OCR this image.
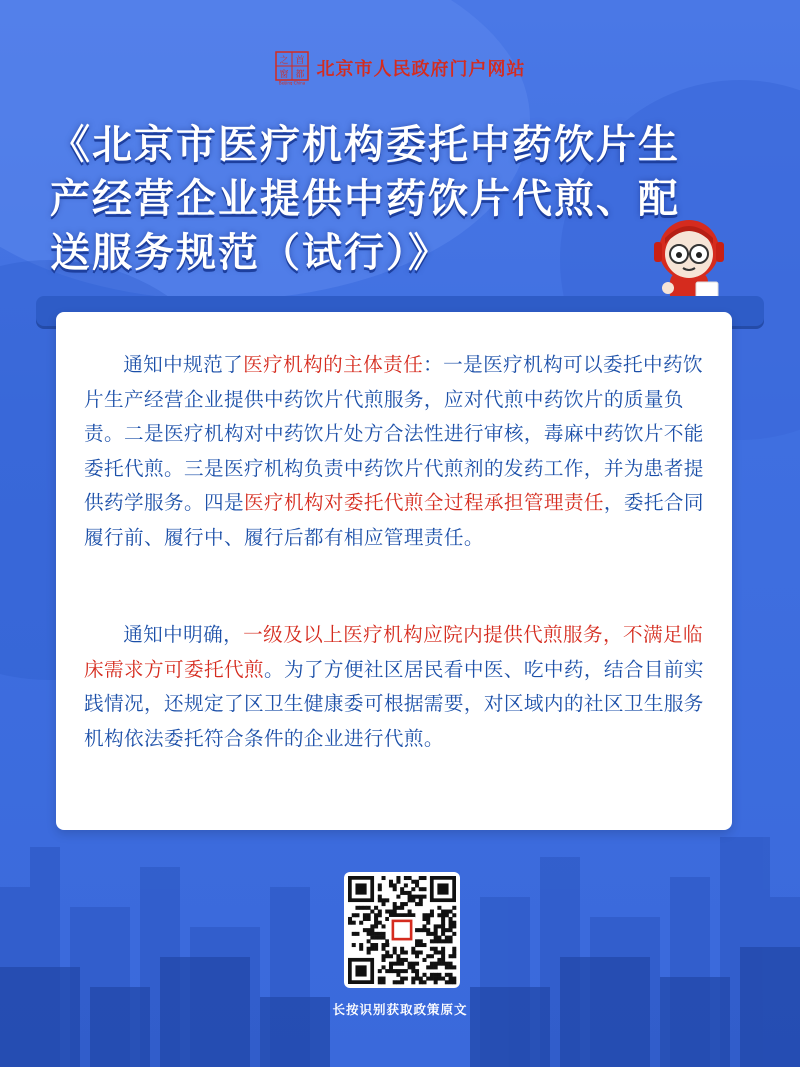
之 首
窗 都
Beijing·China
北京市人民政府门户网站
《北京市医疗机构委托中药饮片生
产经营企业提供中药饮片代煎、配
送服务规范（试行）》

通知中规范了医疗机构的主体责任：一是医疗机构可以委托中药饮片生产经营企业提供中药饮片代煎服务，应对代煎中药饮片的质量负责。二是医疗机构对中药饮片处方合法性进行审核，毒麻中药饮片不能委托代煎。三是医疗机构负责中药饮片代煎剂的发药工作，并为患者提供药学服务。四是医疗机构对委托代煎全过程承担管理责任，委托合同履行前、履行中、履行后都有相应管理责任。

通知中明确，一级及以上医疗机构应院内提供代煎服务，不满足临床需求方可委托代煎。为了方便社区居民看中医、吃中药，结合目前实践情况，还规定了区卫生健康委可根据需要，对区域内的社区卫生服务机构依法委托符合条件的企业进行代煎。

长按识别获取政策原文
